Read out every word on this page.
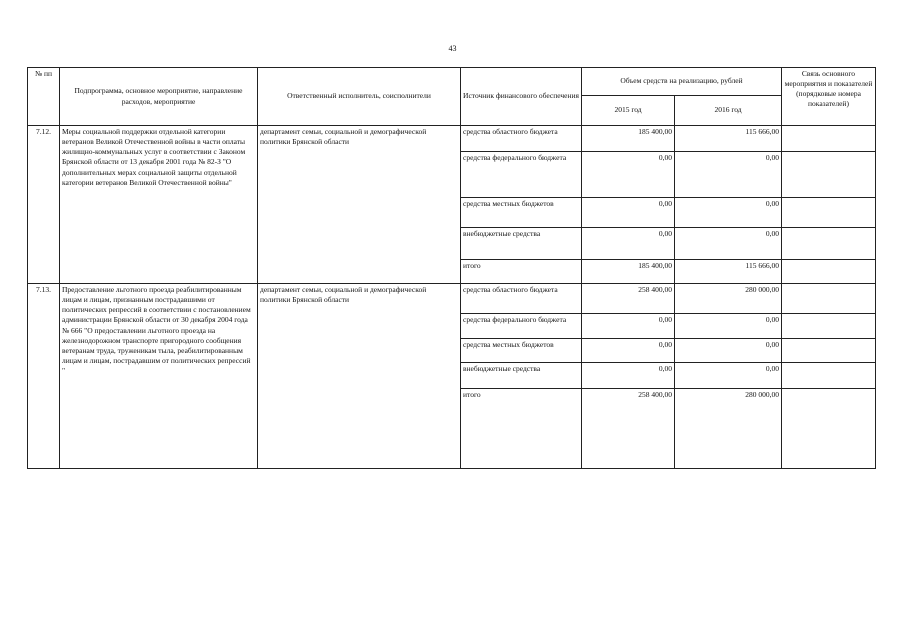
43
№ пп	Подпрограмма, основное мероприятие, направление расходов, мероприятие	Ответственный исполнитель, соисполнители	Источник финансового обеспечения	Объем средств на реализацию, рублей		Связь основного мероприятия и показателей (порядковые номера показателей)
				2015 год	2016 год	
7.12.	Меры социальной поддержки отдельной категории ветеранов Великой Отечественной войны в части оплаты жилищно-коммунальных услуг в соответствии с Законом Брянской области от 13 декабря 2001 года № 82-З "О дополнительных мерах социальной защиты отдельной категории ветеранов Великой Отечественной войны"	департамент семьи, социальной и демографической политики Брянской области	средства областного бюджета	185 400,00	115 666,00	
			средства федерального бюджета	0,00	0,00	
			средства местных бюджетов	0,00	0,00	
			внебюджетные средства	0,00	0,00	
			итого	185 400,00	115 666,00	
7.13.	Предоставление льготного проезда реабилитированным лицам и лицам, признанным пострадавшими от политических репрессий в соответствии с постановлением администрации Брянской области от 30 декабря 2004 года № 666 "О предоставлении льготного проезда на железнодорожном транспорте пригородного сообщения ветеранам труда, труженикам тыла, реабилитированным лицам и лицам, пострадавшим от политических репрессий "	департамент семьи, социальной и демографической политики Брянской области	средства областного бюджета	258 400,00	280 000,00	
			средства федерального бюджета	0,00	0,00	
			средства местных бюджетов	0,00	0,00	
			внебюджетные средства	0,00	0,00	
			итого	258 400,00	280 000,00	
